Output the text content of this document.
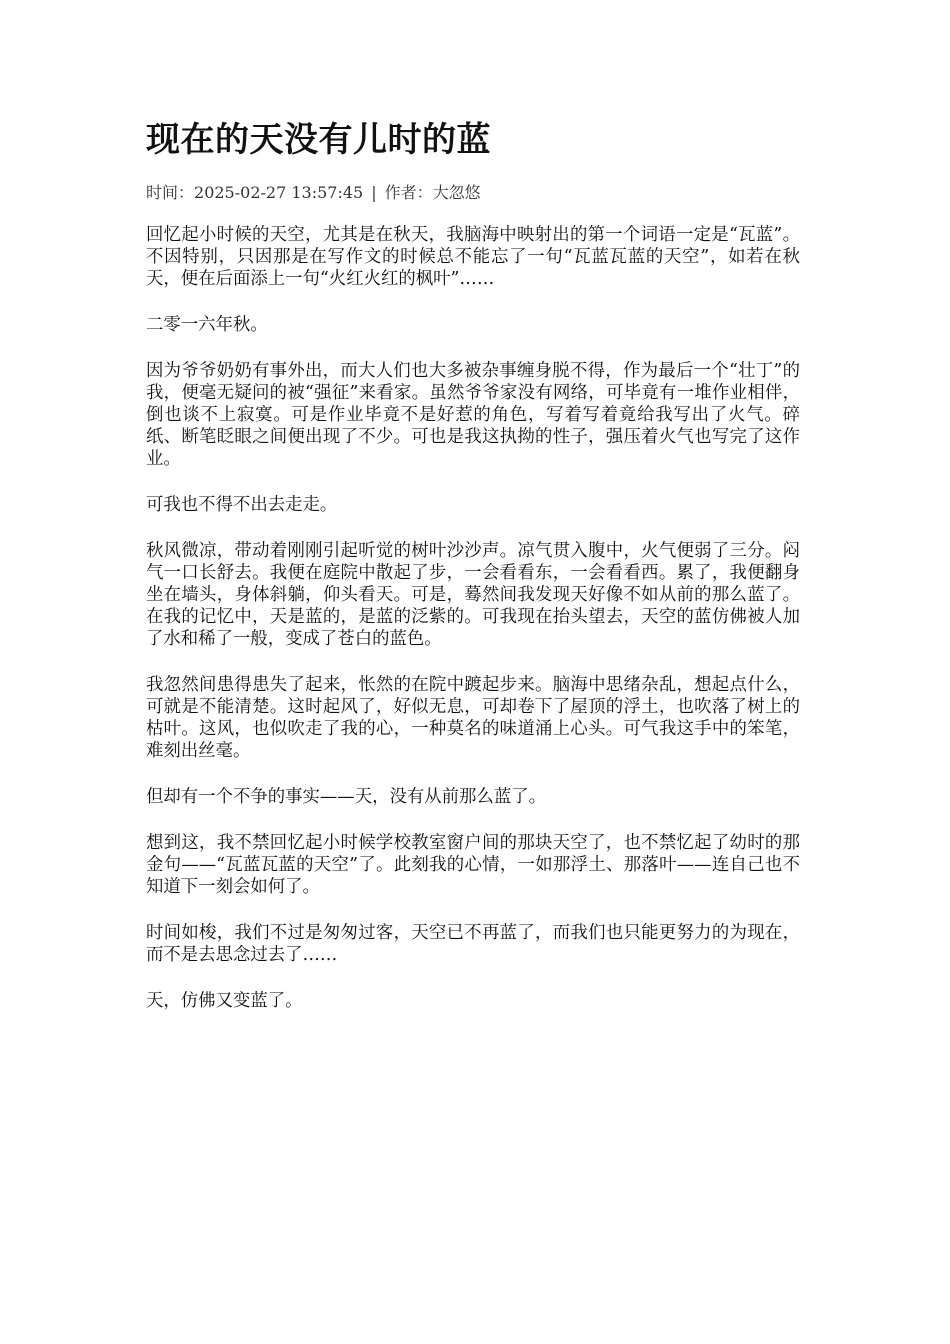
现在的天没有儿时的蓝
时间：2025-02-27 13:57:45 | 作者：大忽悠

回忆起小时候的天空，尤其是在秋天，我脑海中映射出的第一个词语一定是“瓦蓝”。不因特别，只因那是在写作文的时候总不能忘了一句“瓦蓝瓦蓝的天空”，如若在秋天，便在后面添上一句“火红火红的枫叶”……

二零一六年秋。

因为爷爷奶奶有事外出，而大人们也大多被杂事缠身脱不得，作为最后一个“壮丁”的我，便毫无疑问的被“强征”来看家。虽然爷爷家没有网络，可毕竟有一堆作业相伴，倒也谈不上寂寞。可是作业毕竟不是好惹的角色，写着写着竟给我写出了火气。碎纸、断笔眨眼之间便出现了不少。可也是我这执拗的性子，强压着火气也写完了这作业。

可我也不得不出去走走。

秋风微凉，带动着刚刚引起听觉的树叶沙沙声。凉气贯入腹中，火气便弱了三分。闷气一口长舒去。我便在庭院中散起了步，一会看看东，一会看看西。累了，我便翻身坐在墙头，身体斜躺，仰头看天。可是，蓦然间我发现天好像不如从前的那么蓝了。在我的记忆中，天是蓝的，是蓝的泛紫的。可我现在抬头望去，天空的蓝仿佛被人加了水和稀了一般，变成了苍白的蓝色。

我忽然间患得患失了起来，怅然的在院中踱起步来。脑海中思绪杂乱，想起点什么，可就是不能清楚。这时起风了，好似无息，可却卷下了屋顶的浮土，也吹落了树上的枯叶。这风，也似吹走了我的心，一种莫名的味道涌上心头。可气我这手中的笨笔，难刻出丝毫。

但却有一个不争的事实——天，没有从前那么蓝了。

想到这，我不禁回忆起小时候学校教室窗户间的那块天空了，也不禁忆起了幼时的那金句——“瓦蓝瓦蓝的天空”了。此刻我的心情，一如那浮土、那落叶——连自己也不知道下一刻会如何了。

时间如梭，我们不过是匆匆过客，天空已不再蓝了，而我们也只能更努力的为现在，而不是去思念过去了……

天，仿佛又变蓝了。
